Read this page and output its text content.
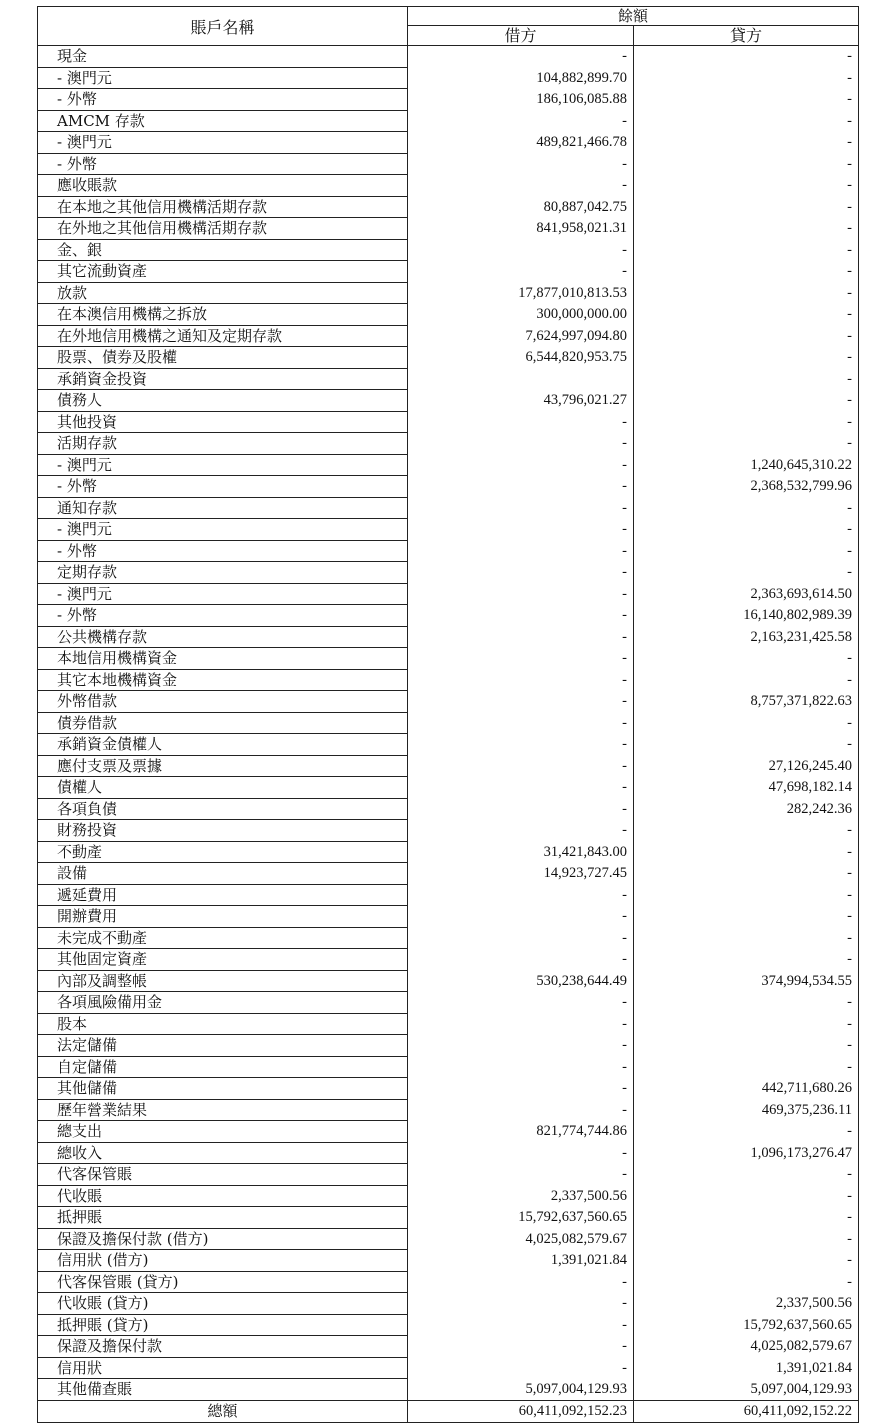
賬戶名稱	餘額	
	借方	貸方
現金	-	-
- 澳門元	104,882,899.70	-
- 外幣	186,106,085.88	-
AMCM 存款	-	-
- 澳門元	489,821,466.78	-
- 外幣	-	-
應收賬款	-	-
在本地之其他信用機構活期存款	80,887,042.75	-
在外地之其他信用機構活期存款	841,958,021.31	-
金、銀	-	-
其它流動資產	-	-
放款	17,877,010,813.53	-
在本澳信用機構之拆放	300,000,000.00	-
在外地信用機構之通知及定期存款	7,624,997,094.80	-
股票、債券及股權	6,544,820,953.75	-
承銷資金投資		-
債務人	43,796,021.27	-
其他投資	-	-
活期存款	-	-
- 澳門元	-	1,240,645,310.22
- 外幣	-	2,368,532,799.96
通知存款	-	-
- 澳門元	-	-
- 外幣	-	-
定期存款	-	-
- 澳門元	-	2,363,693,614.50
- 外幣	-	16,140,802,989.39
公共機構存款	-	2,163,231,425.58
本地信用機構資金	-	-
其它本地機構資金	-	-
外幣借款	-	8,757,371,822.63
債券借款	-	-
承銷資金債權人	-	-
應付支票及票據	-	27,126,245.40
債權人	-	47,698,182.14
各項負債	-	282,242.36
財務投資	-	-
不動產	31,421,843.00	-
設備	14,923,727.45	-
遞延費用	-	-
開辦費用	-	-
未完成不動產	-	-
其他固定資產	-	-
內部及調整帳	530,238,644.49	374,994,534.55
各項風險備用金	-	-
股本	-	-
法定儲備	-	-
自定儲備	-	-
其他儲備	-	442,711,680.26
歷年營業結果	-	469,375,236.11
總支出	821,774,744.86	-
總收入	-	1,096,173,276.47
代客保管賬	-	-
代收賬	2,337,500.56	-
抵押賬	15,792,637,560.65	-
保證及擔保付款 (借方)	4,025,082,579.67	-
信用狀 (借方)	1,391,021.84	-
代客保管賬 (貸方)	-	-
代收賬 (貸方)	-	2,337,500.56
抵押賬 (貸方)	-	15,792,637,560.65
保證及擔保付款	-	4,025,082,579.67
信用狀	-	1,391,021.84
其他備查賬	5,097,004,129.93	5,097,004,129.93
總額	60,411,092,152.23	60,411,092,152.22
